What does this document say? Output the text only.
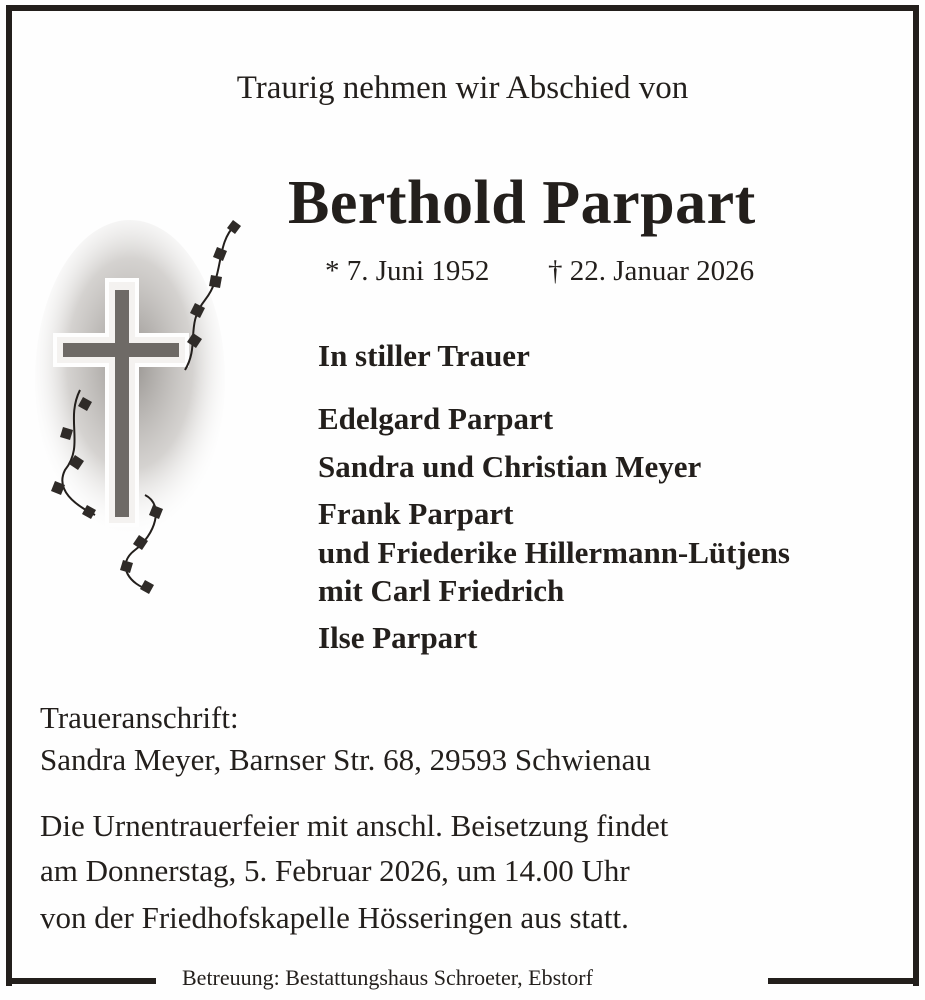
Traurig nehmen wir Abschied von
Berthold Parpart
* 7. Juni 1952 † 22. Januar 2026
In stiller Trauer
Edelgard Parpart
Sandra und Christian Meyer
Frank Parpart
und Friederike Hillermann-Lütjens
mit Carl Friedrich
Ilse Parpart
Traueranschrift:
Sandra Meyer, Barnser Str. 68, 29593 Schwienau
Die Urnentrauerfeier mit anschl. Beisetzung findet
am Donnerstag, 5. Februar 2026, um 14.00 Uhr
von der Friedhofskapelle Hösseringen aus statt.
Betreuung: Bestattungshaus Schroeter, Ebstorf
